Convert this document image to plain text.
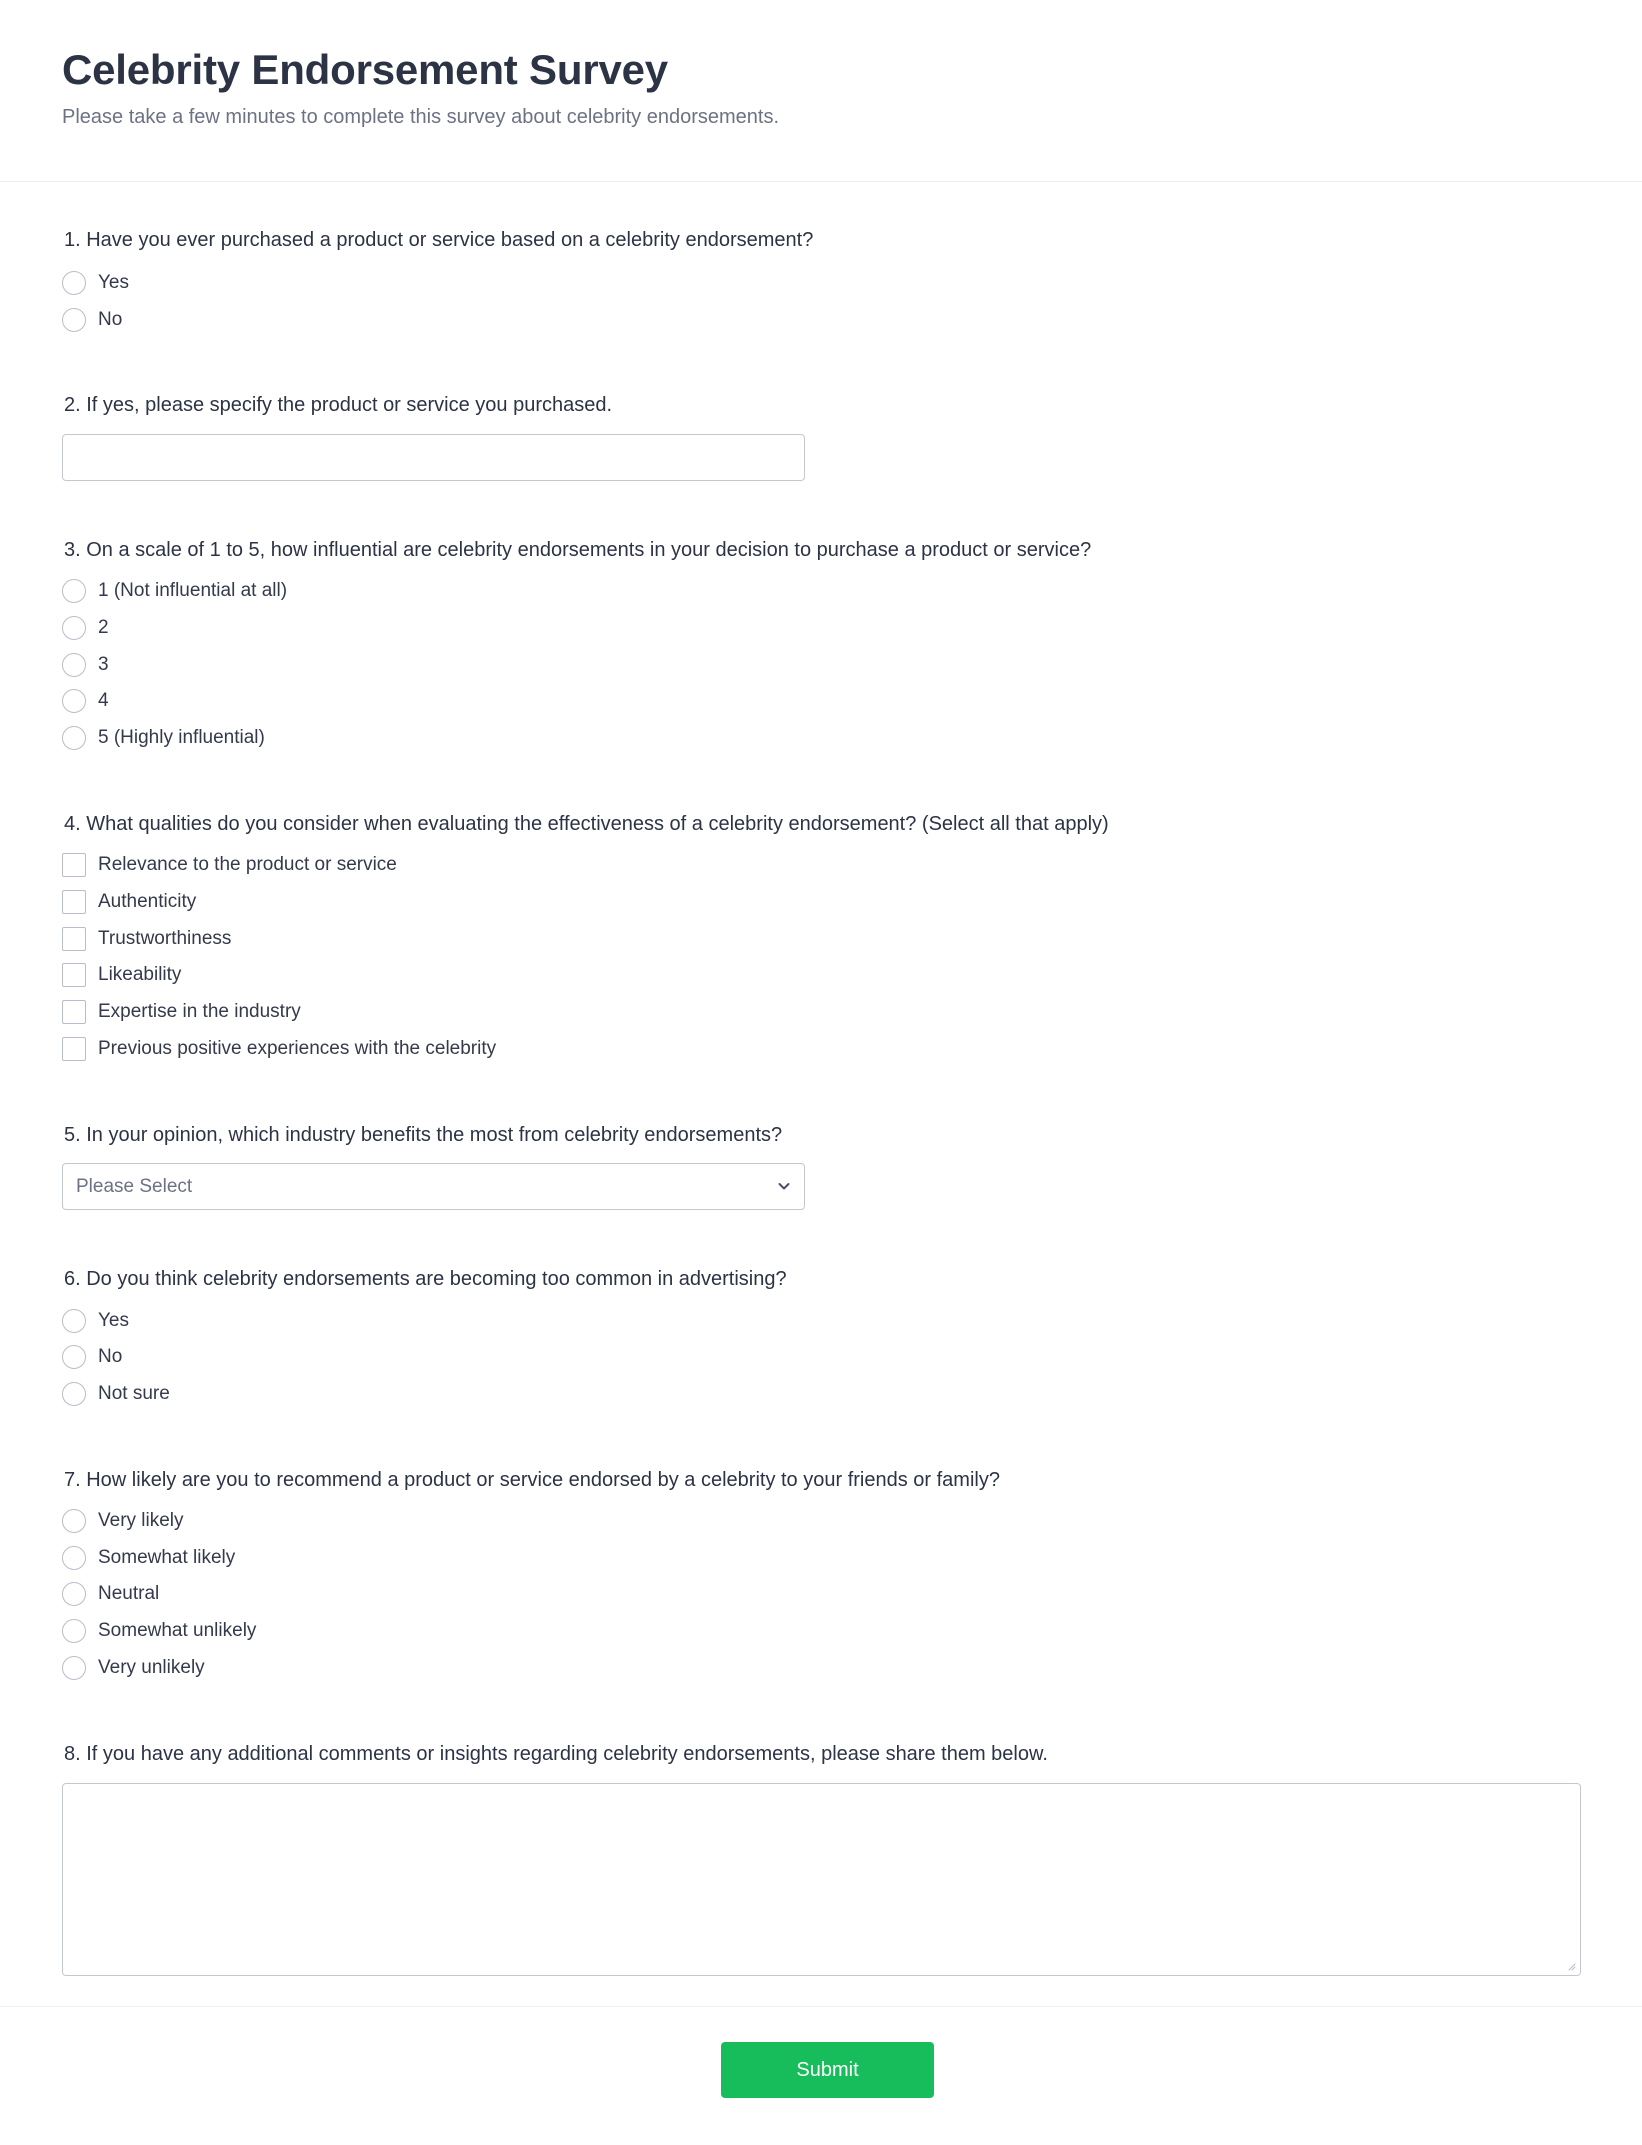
Celebrity Endorsement Survey
Please take a few minutes to complete this survey about celebrity endorsements.
1. Have you ever purchased a product or service based on a celebrity endorsement?
Yes
No
2. If yes, please specify the product or service you purchased.
3. On a scale of 1 to 5, how influential are celebrity endorsements in your decision to purchase a product or service?
1 (Not influential at all)
2
3
4
5 (Highly influential)
4. What qualities do you consider when evaluating the effectiveness of a celebrity endorsement? (Select all that apply)
Relevance to the product or service
Authenticity
Trustworthiness
Likeability
Expertise in the industry
Previous positive experiences with the celebrity
5. In your opinion, which industry benefits the most from celebrity endorsements?
Please Select
6. Do you think celebrity endorsements are becoming too common in advertising?
Yes
No
Not sure
7. How likely are you to recommend a product or service endorsed by a celebrity to your friends or family?
Very likely
Somewhat likely
Neutral
Somewhat unlikely
Very unlikely
8. If you have any additional comments or insights regarding celebrity endorsements, please share them below.
Submit
